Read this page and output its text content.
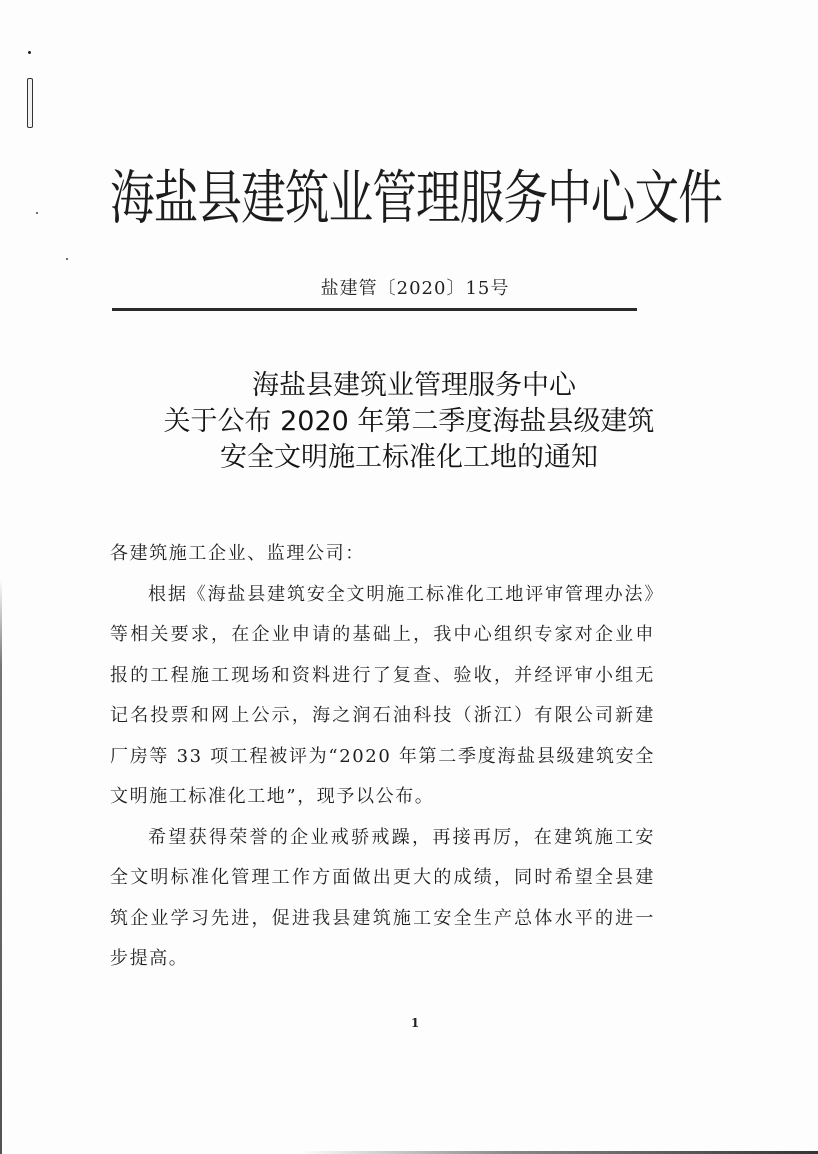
海盐县建筑业管理服务中心文件
盐建管〔2020〕15号
海盐县建筑业管理服务中心
关于公布 2020 年第二季度海盐县级建筑
安全文明施工标准化工地的通知

各建筑施工企业、监理公司：

根据《海盐县建筑安全文明施工标准化工地评审管理办法》等相关要求，在企业申请的基础上，我中心组织专家对企业申报的工程施工现场和资料进行了复查、验收，并经评审小组无记名投票和网上公示，海之润石油科技（浙江）有限公司新建厂房等 33 项工程被评为“2020 年第二季度海盐县级建筑安全文明施工标准化工地”，现予以公布。

希望获得荣誉的企业戒骄戒躁，再接再厉，在建筑施工安全文明标准化管理工作方面做出更大的成绩，同时希望全县建筑企业学习先进，促进我县建筑施工安全生产总体水平的进一步提高。

1
